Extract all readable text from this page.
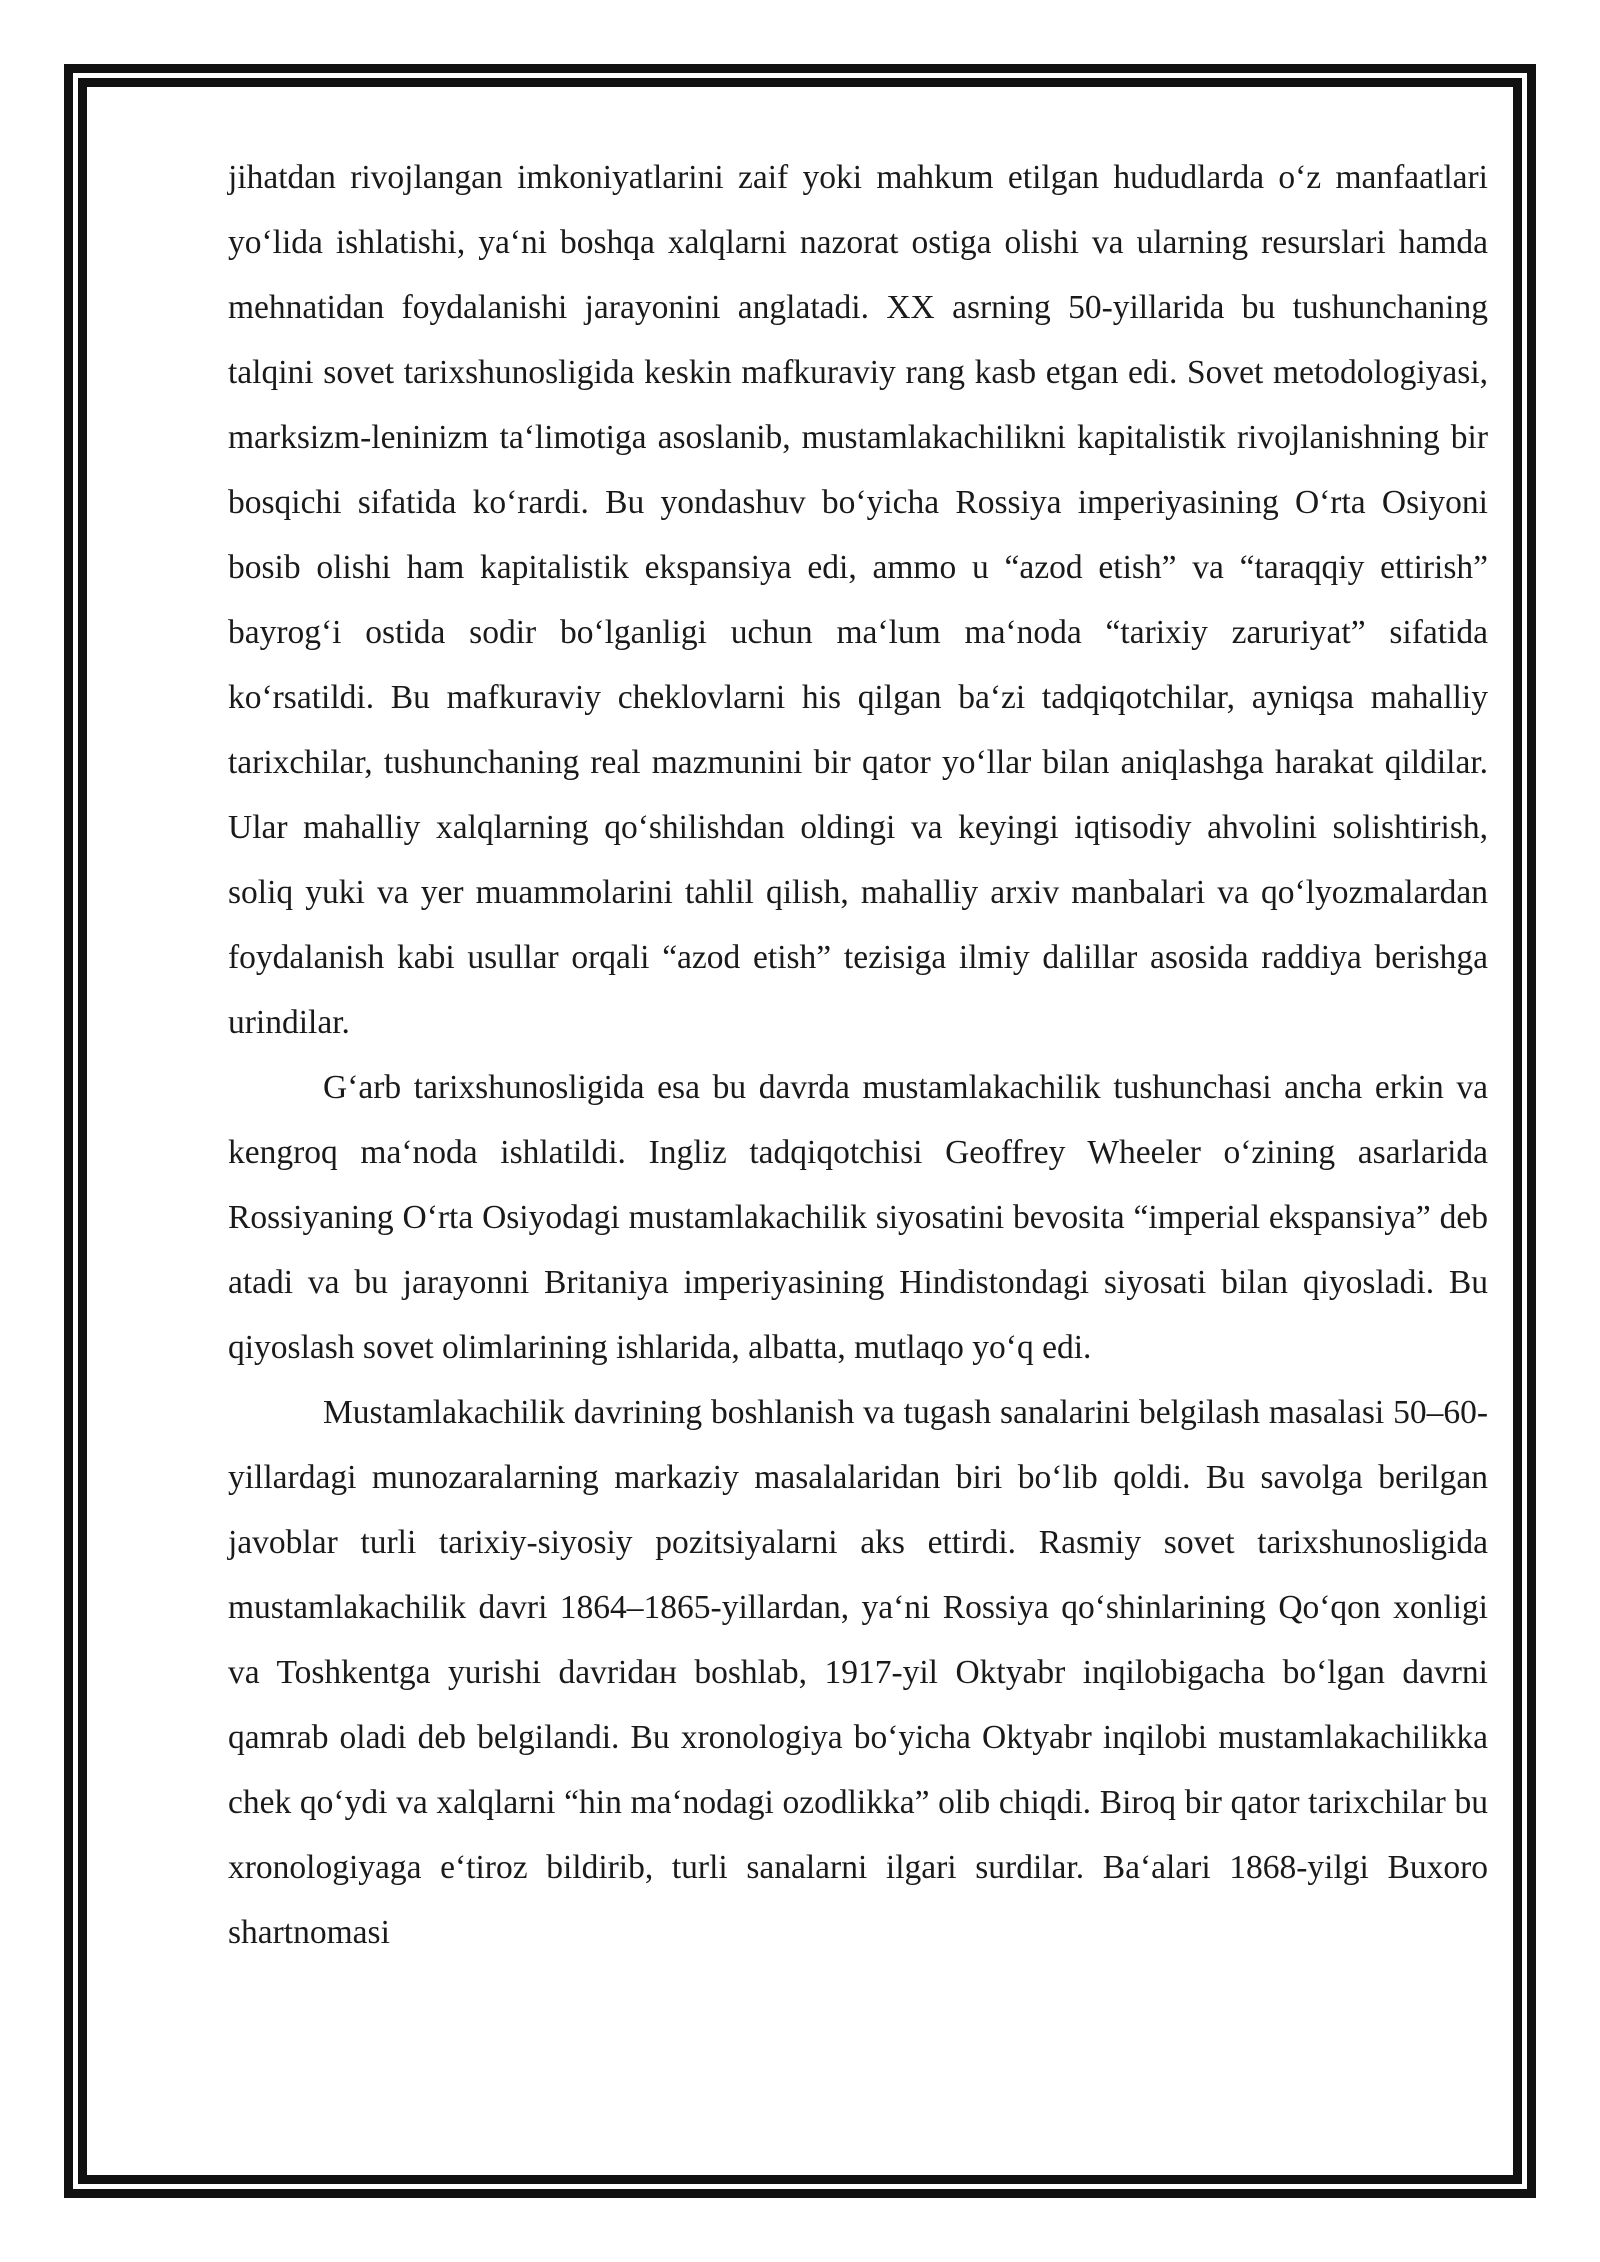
jihatdan rivojlangan imkoniyatlarini zaif yoki mahkum etilgan hududlarda o‘z manfaatlari yo‘lida ishlatishi, ya‘ni boshqa xalqlarni nazorat ostiga olishi va ularning resurslari hamda mehnatidan foydalanishi jarayonini anglatadi. XX asrning 50-yillarida bu tushunchaning talqini sovet tarixshunosligida keskin mafkuraviy rang kasb etgan edi. Sovet metodologiyasi, marksizm-leninizm ta‘limotiga asoslanib, mustamlakachilikni kapitalistik rivojlanishning bir bosqichi sifatida ko‘rardi. Bu yondashuv bo‘yicha Rossiya imperiyasining O‘rta Osiyoni bosib olishi ham kapitalistik ekspansiya edi, ammo u “azod etish” va “taraqqiy ettirish” bayrog‘i ostida sodir bo‘lganligi uchun ma‘lum ma‘noda “tarixiy zaruriyat” sifatida ko‘rsatildi. Bu mafkuraviy cheklovlarni his qilgan ba‘zi tadqiqotchilar, ayniqsa mahalliy tarixchilar, tushunchaning real mazmunini bir qator yo‘llar bilan aniqlashga harakat qildilar. Ular mahalliy xalqlarning qo‘shilishdan oldingi va keyingi iqtisodiy ahvolini solishtirish, soliq yuki va yer muammolarini tahlil qilish, mahalliy arxiv manbalari va qo‘lyozmalardan foydalanish kabi usullar orqali “azod etish” tezisiga ilmiy dalillar asosida raddiya berishga urindilar.

G‘arb tarixshunosligida esa bu davrda mustamlakachilik tushunchasi ancha erkin va kengroq ma‘noda ishlatildi. Ingliz tadqiqotchisi Geoffrey Wheeler o‘zining asarlarida Rossiyaning O‘rta Osiyodagi mustamlakachilik siyosatini bevosita “imperial ekspansiya” deb atadi va bu jarayonni Britaniya imperiyasining Hindistondagi siyosati bilan qiyosladi. Bu qiyoslash sovet olimlarining ishlarida, albatta, mutlaqo yo‘q edi.

Mustamlakachilik davrining boshlanish va tugash sanalarini belgilash masalasi 50–60-yillardagi munozaralarning markaziy masalalaridan biri bo‘lib qoldi. Bu savolga berilgan javoblar turli tarixiy-siyosiy pozitsiyalarni aks ettirdi. Rasmiy sovet tarixshunosligida mustamlakachilik davri 1864–1865-yillardan, ya‘ni Rossiya qo‘shinlarining Qo‘qon xonligi va Toshkentga yurishi davridaн boshlab, 1917-yil Oktyabr inqilobigacha bo‘lgan davrni qamrab oladi deb belgilandi. Bu xronologiya bo‘yicha Oktyabr inqilobi mustamlakachilikka chek qo‘ydi va xalqlarni “hin ma‘nodagi ozodlikka” olib chiqdi. Biroq bir qator tarixchilar bu xronologiyaga e‘tiroz bildirib, turli sanalarni ilgari surdilar. Ba‘alari 1868-yilgi Buxoro shartnomasi
